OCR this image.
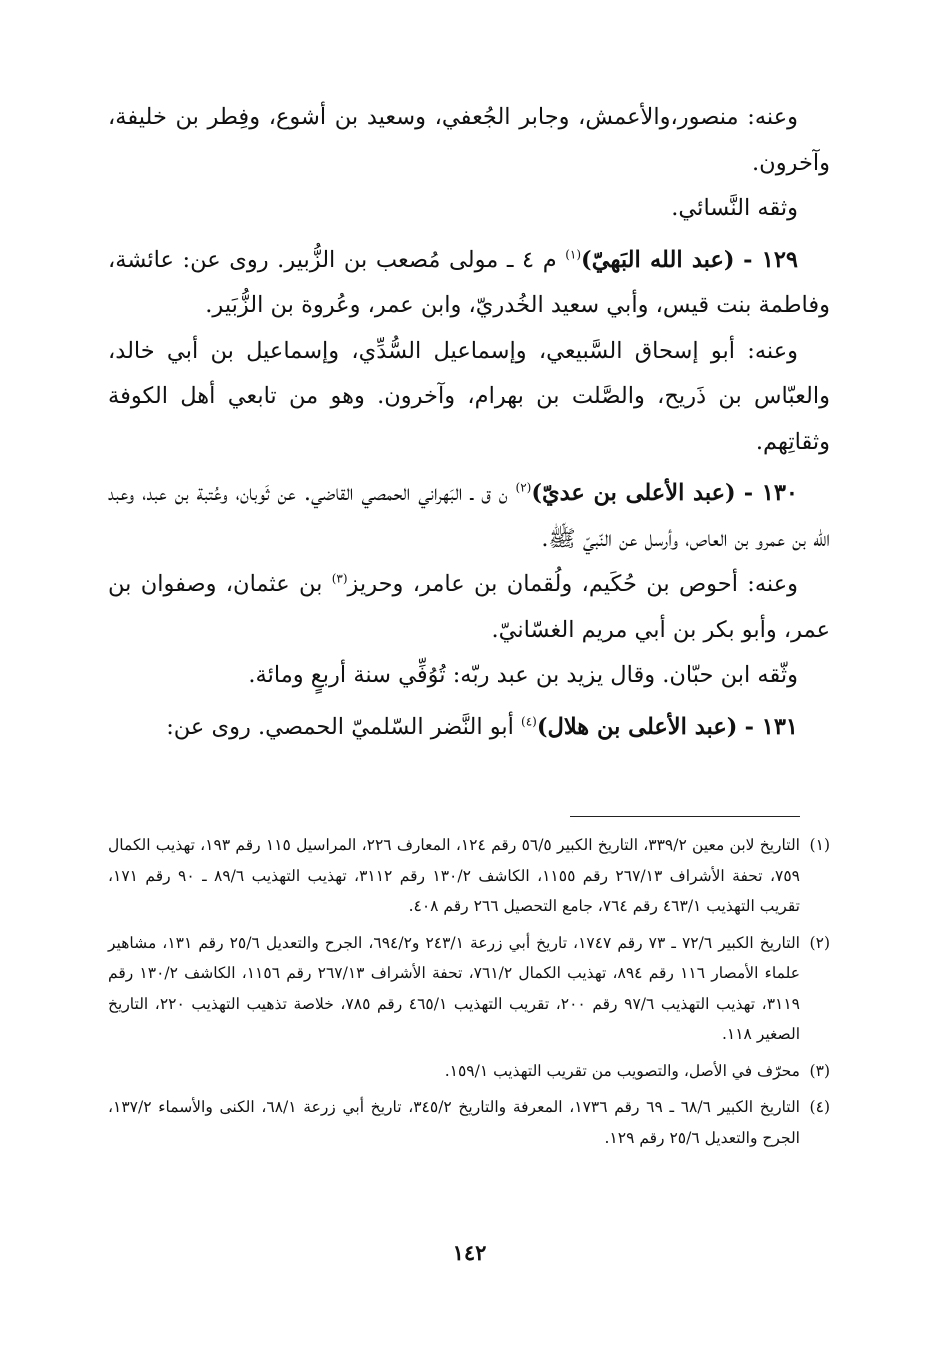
وعنه: منصور،والأعمش، وجابر الجُعفي، وسعيد بن أشوع، وفِطر بن خليفة، وآخرون.

وثقه النَّسائي.

١٢٩ - (عبد الله البَهيّ)$^{(١)}$ م ٤ ـ مولى مُصعب بن الزُّبير. روى عن: عائشة، وفاطمة بنت قيس، وأبي سعيد الخُدريّ، وابن عمر، وعُروة بن الزُّبَير.

وعنه: أبو إسحاق السَّبيعي، وإسماعيل السُّدِّي، وإسماعيل بن أبي خالد، والعبّاس بن ذَريح، والصَّلت بن بهرام، وآخرون. وهو من تابعي أهل الكوفة وثقاتِهم.

١٣٠ - (عبد الأعلى بن عديّ)$^{(٢)}$ ن ق ـ البَهراني الحمصي القاضي. عن ثَوبان، وعُتبة بن عبد، وعبد الله بن عمرو بن العاص، وأرسل عن النّبيّ ﷺ.

وعنه: أحوص بن حُكَيم، ولُقمان بن عامر، وحريز$^{(٣)}$ بن عثمان، وصفوان بن عمر، وأبو بكر بن أبي مريم الغسّانيّ.

وثّقه ابن حبّان. وقال يزيد بن عبد ربّه: تُوُفِّي سنة أربعٍ ومائة.

١٣١ - (عبد الأعلى بن هلال)$^{(٤)}$ أبو النَّضر السّلميّ الحمصي. روى عن:

(١)
التاريخ لابن معين ٣٣٩/٢، التاريخ الكبير ٥٦/٥ رقم ١٢٤، المعارف ٢٢٦، المراسيل ١١٥ رقم ١٩٣، تهذيب الكمال ٧٥٩، تحفة الأشراف ٢٦٧/١٣ رقم ١١٥٥، الكاشف ١٣٠/٢ رقم ٣١١٢، تهذيب التهذيب ٨٩/٦ ـ ٩٠ رقم ١٧١، تقريب التهذيب ٤٦٣/١ رقم ٧٦٤، جامع التحصيل ٢٦٦ رقم ٤٠٨.
(٢)
التاريخ الكبير ٧٢/٦ ـ ٧٣ رقم ١٧٤٧، تاريخ أبي زرعة ٢٤٣/١ و٦٩٤/٢، الجرح والتعديل ٢٥/٦ رقم ١٣١، مشاهير علماء الأمصار ١١٦ رقم ٨٩٤، تهذيب الكمال ٧٦١/٢، تحفة الأشراف ٢٦٧/١٣ رقم ١١٥٦، الكاشف ١٣٠/٢ رقم ٣١١٩، تهذيب التهذيب ٩٧/٦ رقم ٢٠٠، تقريب التهذيب ٤٦٥/١ رقم ٧٨٥، خلاصة تذهيب التهذيب ٢٢٠، التاريخ الصغير ١١٨.
(٣)
محرّف في الأصل، والتصويب من تقريب التهذيب ١٥٩/١.
(٤)
التاريخ الكبير ٦٨/٦ ـ ٦٩ رقم ١٧٣٦، المعرفة والتاريخ ٣٤٥/٢، تاريخ أبي زرعة ٦٨/١، الكنى والأسماء ١٣٧/٢، الجرح والتعديل ٢٥/٦ رقم ١٢٩.
١٤٢
